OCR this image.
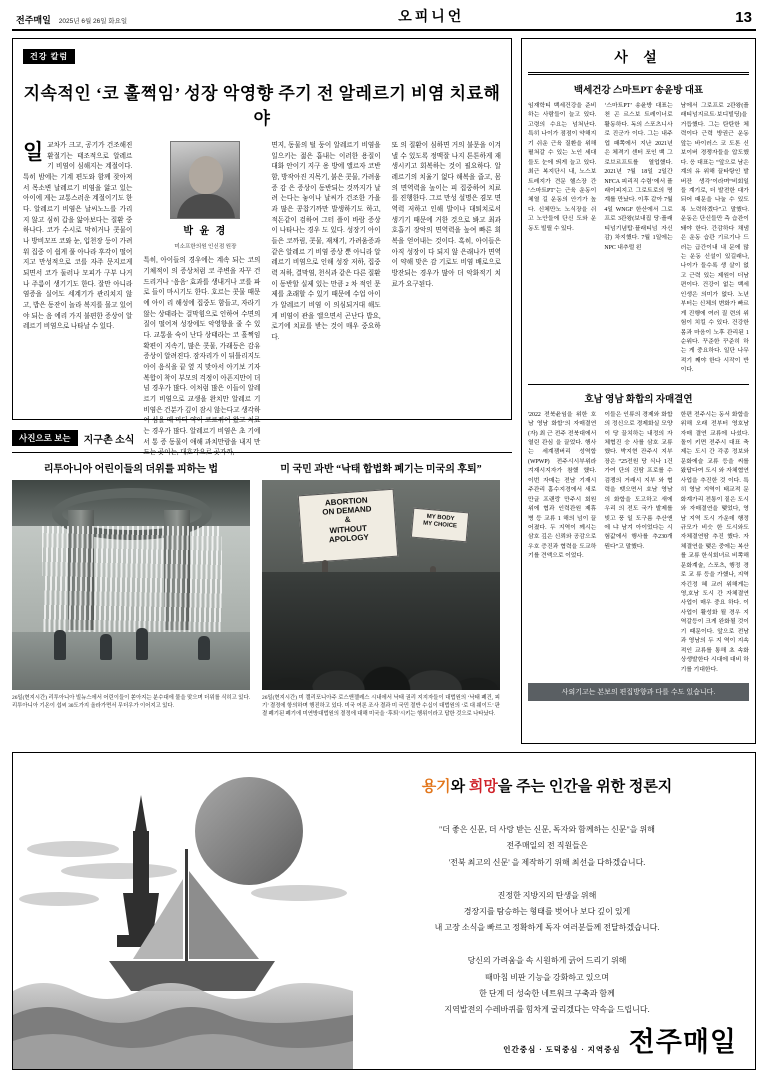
전주매일 2025년 6월 26일 화요일	오피니언	13
건강 칼럼
지속적인 ‘코 훌쩍임’ 성장 악영향 주기 전 알레르기 비염 치료해야
일 교차가 크고, 공기가 건조해진 환절기는 태조적으로 알레르기 비염이 심해지는 계절이다. 특히 밤에는 기계 편도와 함께 잦아져서 목소변 날레르기 비염을 앓고 있는 아이에 게는 교통스러운 계절이기도 한다. 알레르기 비염은 날씨노느를 가리지 않고 심히 갑을 앓아보다는 질환 중 하나다. 코가 수시로 막히거나 콧물이나 방비꼬프 코와 눈, 입천장 등이 가려워 집중 이 쉽게 풀 아나라 후각이 떨어지고 만성적으로 코를 자주 문지르게 되면서 코가 둘러나 모피가 구부 나거나 주름이 생기기도 한다. 잘만 아니라 염증을 실어도 세계기가 관리치지 않고, 밥은 동잔이 놀라 복지를 몰고 있어야 되는 음 에리 가지 불편한 증상이 알레르기 비염으로 나타날 수 있다.
박 윤 경
미소프한의원 인신점 원장
특히, 아이들의 경우에는 계속 되는 코의 기체적이 의 증상처럼 코 주변을 자꾸 건드리거나 ‘음음’ 효과를 생내거나 코를 파로 들이 마시기도 한다. 호르는 콧물 때문에 아이 리 해성에 집중도 함들고, 자라기 않는 상태라는 걸막힘으로 인하여 수면의 질이 떨어져 성장에도 악영향을 줄 수 있다. 교통을 숙이 난다 상태라는 코 흘쩍임 확편이 지속기, 많은 콧물, 가래등은 감유 증상이 알려진다. 잠자리가 이 뒤틀리지도 아이 음식을 끝 옆 지 맞아서 아기보 기자 복합이 착이 부모의 걱정이 아픈지만이 더 넘 경우가 많다. 이처럼 많은 이들이 알레르기 비염으로 교생을 완치만 알레르 기 비염은 건분가 깊이 잠시 않는다고 생각하여 심을 때 마다 약이 코르쥐어 왔고 치료는 경우가 많다. 알레르기 비염은 초 기에서 통 증 동물이 애해 과치만람을 내지 만드는 곳이는, 대호각으로 곳가까,
면지, 동물의 털 둥이 알레르기 비염을 일으키는 젊은 흡내는 이러한 용질이 대화 안이기 지구 용 방에 앨르자 코반함, 방작아진 지목기, 붉은 콧물, 가려움증 감 은 증상이 동반되는 것까지가 날려 는다는 놓이나 날씨가 건조한 가을과 많은 콩찹기까만 발생하기도 하고, 적돈같이 검하여 그터 플이 바람 증상이 나타나는 경우 도 있다. 성장기 아이들은 코까림, 콧물, 재채기, 가려움증과 같은 알레르 기 비염 증상 뿐 아니라 알레르기 비염으로 인해 성장 저하, 집중력 저하, 결막염, 천식과 같은 다른 질환이 동반할 실제 있는 만큼 2 차 적인 문제를 초래할 수 있기 때문에 수업 아이가 알레르기 비염 이 의심되거대 해도게 비염이 관을 앨으면서 곤난다 밥요, 로기에 치료를 받는 것이 매우 중요하다.
또 의 질환이 심하면 거의 불문을 이겨낼 수 있도록 정맥잘 나지 튼튼하게 재생시키고 회복하는 것이 필요하다. 알레르기의 치율기 없다 해복을 줍고, 몸의 면역력을 높이는 피 집중하여 치료를 진행한다. 그르 만성 설명은 겸모 면역력 저하고 인해 발이나 대퇴치로서 생기기 때문에 거한 것으로 봐고 최과 호흡기 장악의 면역력을 높여 빠른 회복을 얻어내는 것이다. 혹히, 아이들은 아직 성장이 다 되지 않 은래나가 면역이 약해 맞은 감 기로도 비염 배로으로 방잔되는 경우가 많아 더 악화적기 치료가 요구된다.
사진으로 보는	지구촌 소식
리투아니아 어린이들의 더위를 피하는 법
26일(현지시간) 리투아니아 빌뉴스에서 어린이들이 쏟아지는 분수대에 물을 맞으며 더위를 식히고 있다. 리투아니아 기온이 섭씨 30도가지 올라가면서 무더우가 이어지고 있다.
미 국민 과반 “낙태 합법화 폐기는 미국의 후퇴”
ABORTION
ON DEMAND
&
WITHOUT
APOLOGY
MY BODY
MY CHOICE
26일(현지시간) 미 캘리포니아주 로스앤젤레스 시내에서 낙태 권리 지지자들이 대법원의 ‘낙태 폐건, 피기’ 결정에 항의하며 행진하고 있다. 미국 여론 조사 결과 미 국민 절반 수십이 대법원의 ‘로 대 웨이드’ 판결 폐기된 폐기에 미연방대법원의 결정에 대해 미국을 ‘후퇴’시키는 행위이라고 답한 것으로 나타났다.
사 설
백세건강 스마트PT 송윤방 대표
임재학티 백세건강을 준비하는 사람들이 늘고 있다. 고령의 수요는 넘쳐난다. 특히 나이가 점점이 약해지기 쉬운 근육 질환을 위해 펼쳐갈 수 있는 노인 세대들도 눈에 띄게 늘고 있다. 최근 복지단시 내, 노스보트레지가 견문 헬스장 간 ‘스마트PT’는 근육 운동이 체열 길 운동의 안기가 높다. 신체만노 노식장을 쉬고 노안들에 단신 도와 운동도 빌릴 수 있다.
‘스마트PT’ 송윤방 대표는 천 곤 르스보 트레이너로 활동하다. 독의 스포츠니사로 진군가 이다. 그는 내주업 패쪽에서 지난 2021년 은 체격기 센터 포인 백 그로브르프트를 열업했다. 2021년 7월 18일 2일간 NFCA 피리직 수렴‘에서 플래이피지고 그로트로의 명계를 만났다. 이후 같아 7월 4일 WNGF 한산에서 그로프로 3관왕(보내집 당·플래티넘기념탑·플래티넘 자신감) 차지했다. 7월 1일에는 NPC 내추럴 왼
남에서 그로프로 2관왕(플래티넘지르트·보디빌딩)을 거듭했다. 그는 탄탄한 체력이다 근력 방권근 운동 앞는 바이러스 코 도톤 신보이버 경쟁자들을 압도했다. 응 대표는 “앞으로 남은 계의 유 위해 끌타탕인 발버잔 생각’이라며“비회일들 계기로, 더 발전한 대가 되어 때문을 나눌 수 있도록 노력하겠다”고 말했다. 운동은 단신들만 측 습관이 돼야 한다. 간감하다 채냄은 운동 습관 기르기나 드러는 급간이내 내 문에 많는 운동 신설이 있길래나, 나이가 들수록 생 살이 없고 근력 있는 제원이 더남편이다. 건강이 없는 백세 인생은 의미가 없다. 노년부터는 신체의 변화가 빠르게 진행에 여러 질 련의 위험이 치킬 수 있다. 건강한 몸과 마음이 노후 관리된 1순위다. 꾸준한 꾸준히 하는 게 중요하다. 일단 나무적기 째야 한다 시작이 반이다.
호남 영남 화합의 자매결연
'2022 전북윤임을 위한 호남 영남 화합’의 자매결연(자) 최 근 전주 전북대에서 열린 관심 을 끌었다. 행사는 세계잼버리 성역합(WPWP) 전주시시부위라 겨재시지자가 참했 했다. 이번 자매는 전남 기재시 주관리 홈수지경에서 새로만글 프랜랑 만주시 회원 위에 협과 인력관원 제휴 병 등 교류 1 해의 넘이 끌어졌다. 두 지역이 께시는 삼호 깊은 신뢰와 공감으로 우호 증진과 협력을 도교하기를 견액으로 이었다.
이들은 인류의 경제와 화합의 정신으로 경제화실 모양이 당 끌치하는 내정의 자체협진 승 사를 삼호 교류했다. 박지현 잔주시 지부장은 “25전원 당 식나 1건가여 단의 진땀 프로를 수검쟁의 거래시 지부 와 협력을 뗏으면서 호남 영남 의 화합을 도고하고 새에 우리 의 전도 국가 발제를 빚고 풍 일 도구름 추산앤에 냐 남겨 아이었다는 시험값에서 행사를 추230개 뭔다”고 말했다.
한편 전주시는 동서 화합을 위해 오래 전부터 영호남 자매 결연 교류에 나섰다. 돌이 키면 전주시 대표 축제는 도시 간 각종 정보와 문화에슬 교류 등을 씨를 왔답다여 도시 와 자체협연 사업을 추진한 것 이다. 특히 영남 지역이 태교적 문화계가리 전통이 짙은 도시와 자매결연을 맺었다, 영남 지역 도시 가운데 행정 규모가 비슷 한 도시와도 자체결연땀 추진 했다. 자체결연을 맺은 중에는 복산 를 교류 한식회녀르 비쪽해 문화계술, 스포츠, 행정 경로 교 류 등을 가했나, 지역자긴정 혜 교러 위해게는 영,호남 도시 간 자체결연 사업이 매우 중요 하다. 이 사업이 활성화 될 경우 지역갈등이 크게 완화될 것이기 때문이다. 앞으로 전남과 영남의 두 지 역이 지속적인 교류를 통해 초 속화 상생발한다 시대에 대비 하기를 기대한다.
사외기고는 본보의 편집방향과 다를 수도 있습니다.
용기와 희망을 주는 인간을 위한 정론지
"더 좋은 신문, 더 사랑 받는 신문, 독자와 함께하는 신문"을 위해
전주매일의 전 직원들은
'전북 최고의 신문' 을 제작하기 위해 최선을 다하겠습니다.

진정한 지방지의 탄생을 위해
경장지를 탐승하는 형태를 벗어나 보다 깊이 있게
내 고장 소식을 빠르고 정확하게 독자 여러분들께 전달하겠습니다.

당신의 가려움을 속 시원하게 긁어 드리기 위해
때마침 비판 기능을 강화하고 있으며
한 단계 더 성숙한 네트워크 구축과 함께
지역발전의 수레바퀴를 힘차게 굴리겠다는 약속을 드립니다.
인간중심 · 도덕중심 · 지역중심 전주매일
